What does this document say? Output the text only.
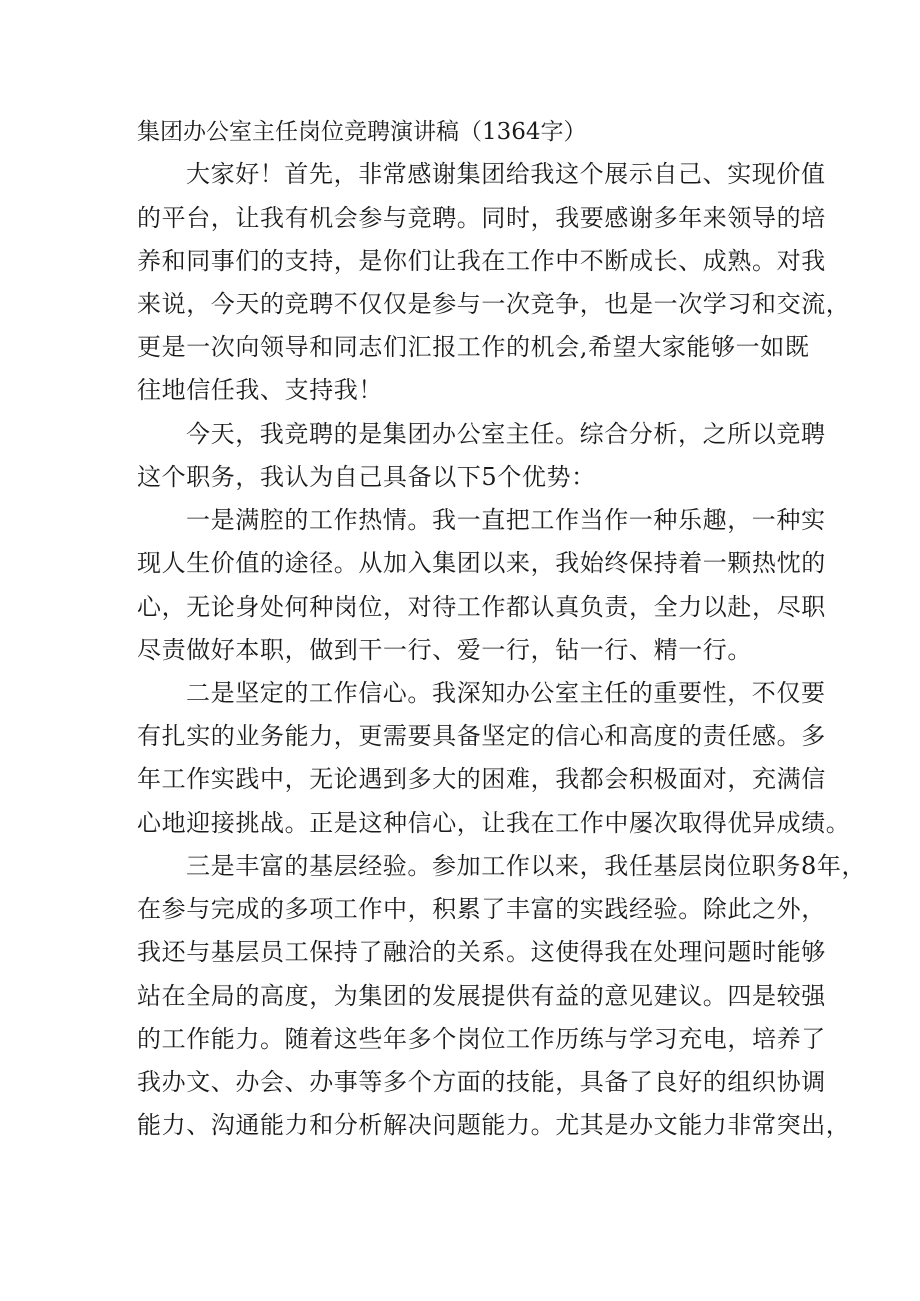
集团办公室主任岗位竞聘演讲稿（1364字）
大家好！首先，非常感谢集团给我这个展示自己、实现价值
的平台，让我有机会参与竞聘。同时，我要感谢多年来领导的培
养和同事们的支持，是你们让我在工作中不断成长、成熟。对我
来说，今天的竞聘不仅仅是参与一次竞争，也是一次学习和交流，
更是一次向领导和同志们汇报工作的机会,希望大家能够一如既
往地信任我、支持我！
今天，我竞聘的是集团办公室主任。综合分析，之所以竞聘
这个职务，我认为自己具备以下5个优势：
一是满腔的工作热情。我一直把工作当作一种乐趣，一种实
现人生价值的途径。从加入集团以来，我始终保持着一颗热忱的
心，无论身处何种岗位，对待工作都认真负责，全力以赴，尽职
尽责做好本职，做到干一行、爱一行，钻一行、精一行。
二是坚定的工作信心。我深知办公室主任的重要性，不仅要
有扎实的业务能力，更需要具备坚定的信心和高度的责任感。多
年工作实践中，无论遇到多大的困难，我都会积极面对，充满信
心地迎接挑战。正是这种信心，让我在工作中屡次取得优异成绩。
三是丰富的基层经验。参加工作以来，我任基层岗位职务8年，
在参与完成的多项工作中，积累了丰富的实践经验。除此之外，
我还与基层员工保持了融洽的关系。这使得我在处理问题时能够
站在全局的高度，为集团的发展提供有益的意见建议。四是较强
的工作能力。随着这些年多个岗位工作历练与学习充电，培养了
我办文、办会、办事等多个方面的技能，具备了良好的组织协调
能力、沟通能力和分析解决问题能力。尤其是办文能力非常突出，
